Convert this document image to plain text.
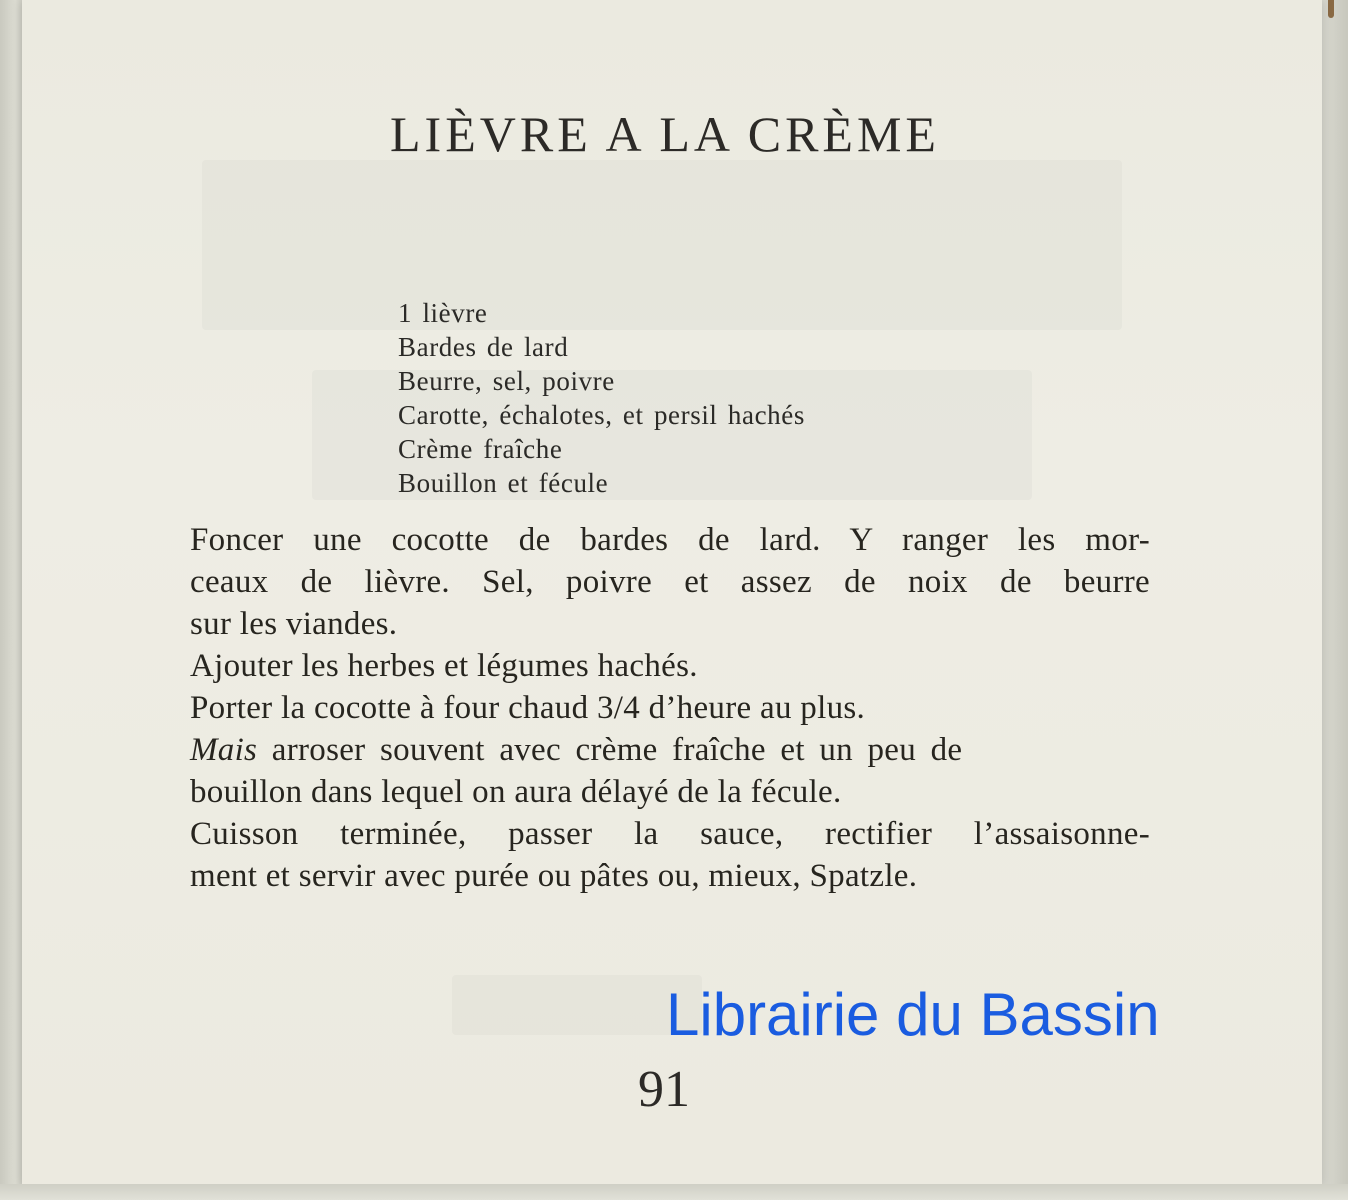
LIÈVRE A LA CRÈME
1 lièvre
Bardes de lard
Beurre, sel, poivre
Carotte, échalotes, et persil hachés
Crème fraîche
Bouillon et fécule
Foncer une cocotte de bardes de lard. Y ranger les mor-
ceaux de lièvre. Sel, poivre et assez de noix de beurre
sur les viandes.
Ajouter les herbes et légumes hachés.
Porter la cocotte à four chaud 3/4 d’heure au plus.
Mais arroser souvent avec crème fraîche et un peu de
bouillon dans lequel on aura délayé de la fécule.
Cuisson terminée, passer la sauce, rectifier l’assaisonne-
ment et servir avec purée ou pâtes ou, mieux, Spatzle.
Librairie du Bassin
91
